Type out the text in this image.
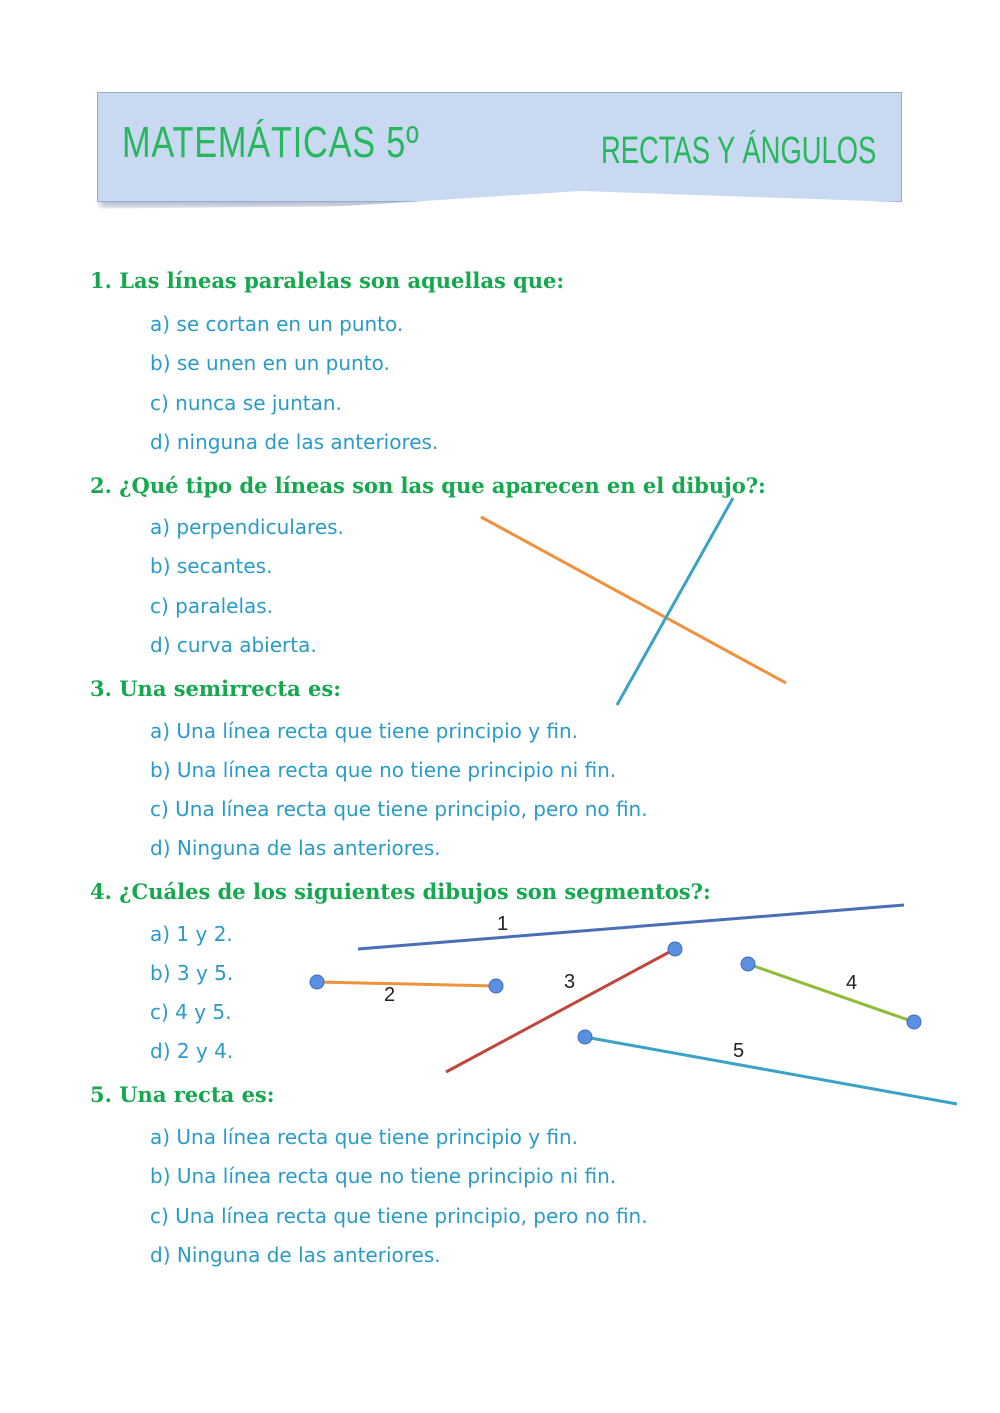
MATEMÁTICAS 5º	RECTAS Y ÁNGULOS
1. Las líneas paralelas son aquellas que:
a) se cortan en un punto.
b) se unen en un punto.
c) nunca se juntan.
d) ninguna de las anteriores.
2. ¿Qué tipo de líneas son las que aparecen en el dibujo?:
a) perpendiculares.
b) secantes.
c) paralelas.
d) curva abierta.
3. Una semirrecta es:
a) Una línea recta que tiene principio y fin.
b) Una línea recta que no tiene principio ni fin.
c) Una línea recta que tiene principio, pero no fin.
d) Ninguna de las anteriores.
4. ¿Cuáles de los siguientes dibujos son segmentos?:
a) 1 y 2.
b) 3 y 5.
c) 4 y 5.
d) 2 y 4.
5. Una recta es:
a) Una línea recta que tiene principio y fin.
b) Una línea recta que no tiene principio ni fin.
c) Una línea recta que tiene principio, pero no fin.
d) Ninguna de las anteriores.
1
2
3	4
5
